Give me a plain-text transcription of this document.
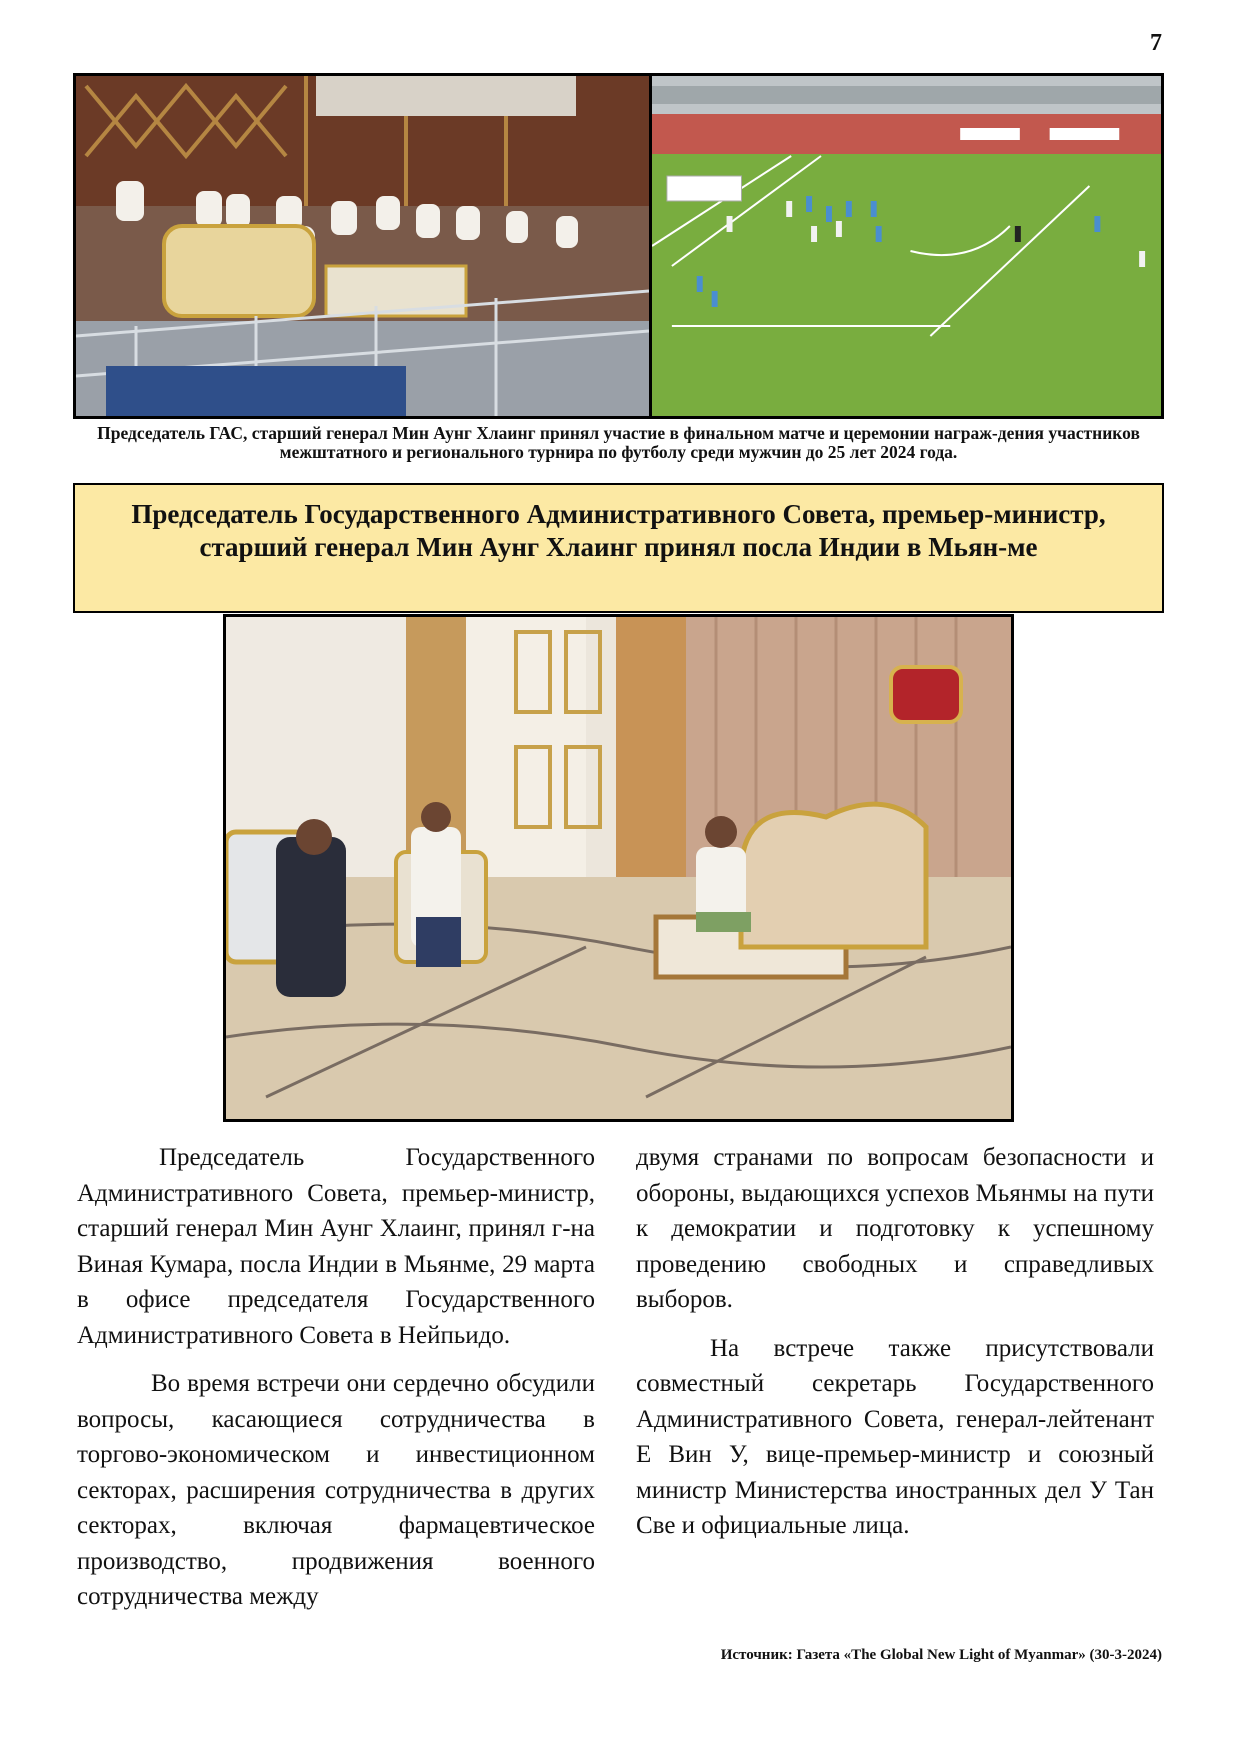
7
Председатель ГАС, старший генерал Мин Аунг Хлаинг принял участие в финальном матче и церемонии награж-дения участников межштатного и регионального турнира по футболу среди мужчин до 25 лет 2024 года.
Председатель Государственного Административного Совета, премьер-министр, старший генерал Мин Аунг Хлаинг принял посла Индии в Мьян-ме

Председатель Государственного Административного Совета, премьер-министр, старший генерал Мин Аунг Хлаинг, принял г-на Виная Кумара, посла Индии в Мьянме, 29 марта в офисе председателя Государственного Административного Совета в Нейпьидо.

Во время встречи они сердечно обсудили вопросы, касающиеся сотрудничества в торгово-экономическом и инвестиционном секторах, расширения сотрудничества в других секторах, включая фармацевтическое производство, продвижения военного сотрудничества между

двумя странами по вопросам безопасности и обороны, выдающихся успехов Мьянмы на пути к демократии и подготовку к успешному проведению свободных и справедливых выборов.

На встрече также присутствовали совместный секретарь Государственного Административного Совета, генерал-лейтенант Е Вин У, вице-премьер-министр и союзный министр Министерства иностранных дел У Тан Све и официальные лица.

Источник: Газета «The Global New Light of Myanmar» (30-3-2024)
